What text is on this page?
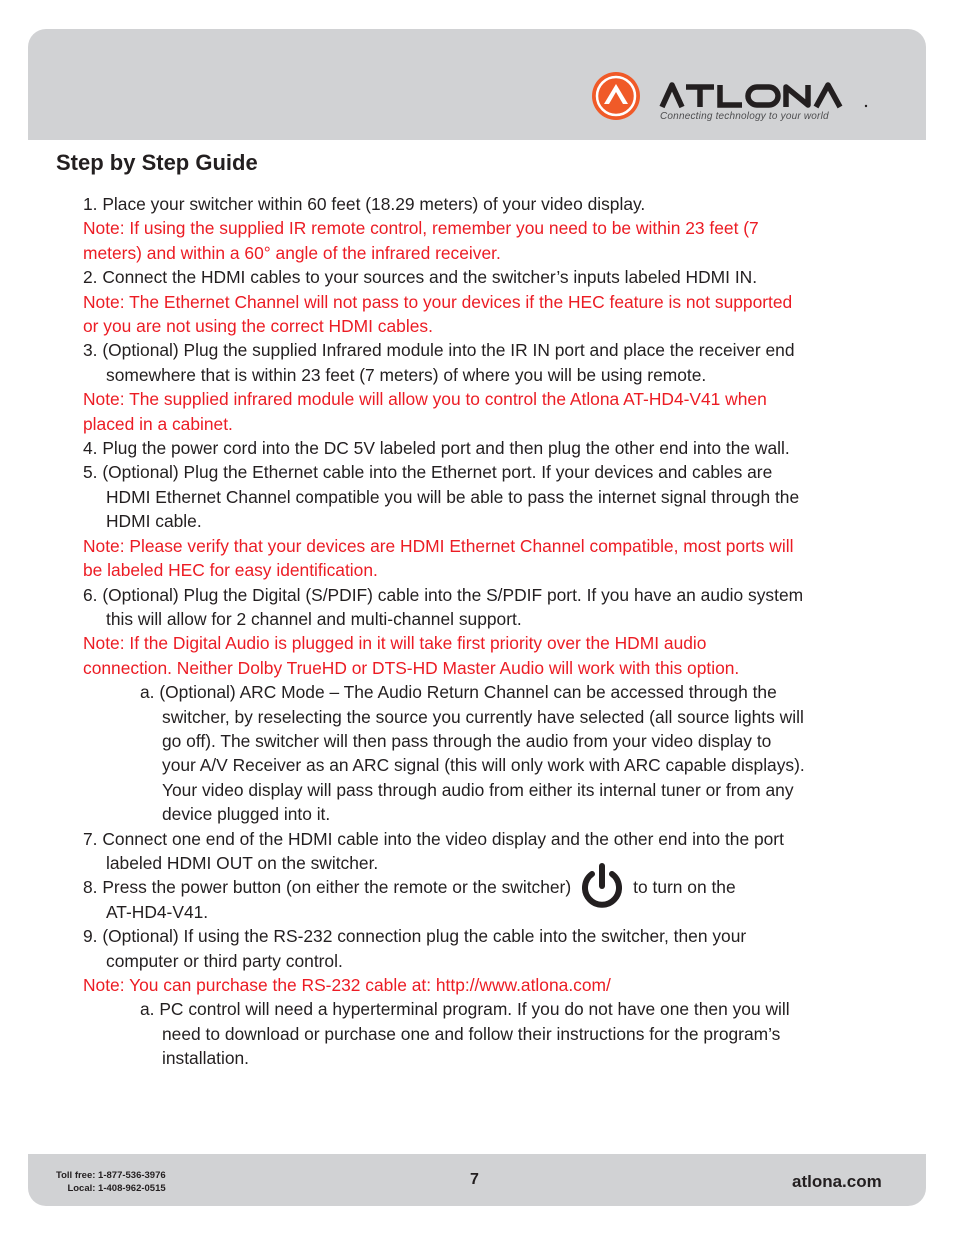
Connecting technology to your world
Step by Step Guide

1. Place your switcher within 60 feet (18.29 meters) of your video display.

Note: If using the supplied IR remote control, remember you need to be within 23 feet (7
meters) and within a 60° angle of the infrared receiver.

2. Connect the HDMI cables to your sources and the switcher’s inputs labeled HDMI IN.

Note: The Ethernet Channel will not pass to your devices if the HEC feature is not supported
or you are not using the correct HDMI cables.

3. (Optional) Plug the supplied Infrared module into the IR IN port and place the receiver end
somewhere that is within 23 feet (7 meters) of where you will be using remote.

Note: The supplied infrared module will allow you to control the Atlona AT-HD4-V41 when
placed in a cabinet.

4. Plug the power cord into the DC 5V labeled port and then plug the other end into the wall.

5. (Optional) Plug the Ethernet cable into the Ethernet port. If your devices and cables are
HDMI Ethernet Channel compatible you will be able to pass the internet signal through the
HDMI cable.

Note: Please verify that your devices are HDMI Ethernet Channel compatible, most ports will
be labeled HEC for easy identification.

6. (Optional) Plug the Digital (S/PDIF) cable into the S/PDIF port. If you have an audio system
this will allow for 2 channel and multi-channel support.

Note: If the Digital Audio is plugged in it will take first priority over the HDMI audio
connection. Neither Dolby TrueHD or DTS-HD Master Audio will work with this option.

a. (Optional) ARC Mode – The Audio Return Channel can be accessed through the
switcher, by reselecting the source you currently have selected (all source lights will
go off). The switcher will then pass through the audio from your video display to
your A/V Receiver as an ARC signal (this will only work with ARC capable displays).
Your video display will pass through audio from either its internal tuner or from any
device plugged into it.

7. Connect one end of the HDMI cable into the video display and the other end into the port
labeled HDMI OUT on the switcher.

8. Press the power button (on either the remote or the switcher)	to turn on the
AT-HD4-V41.

9. (Optional) If using the RS-232 connection plug the cable into the switcher, then your
computer or third party control.

Note: You can purchase the RS-232 cable at: http://www.atlona.com/

a. PC control will need a hyperterminal program. If you do not have one then you will
need to download or purchase one and follow their instructions for the program’s
installation.

Toll free: 1-877-536-3976
Local: 1-408-962-0515
7	atlona.com
